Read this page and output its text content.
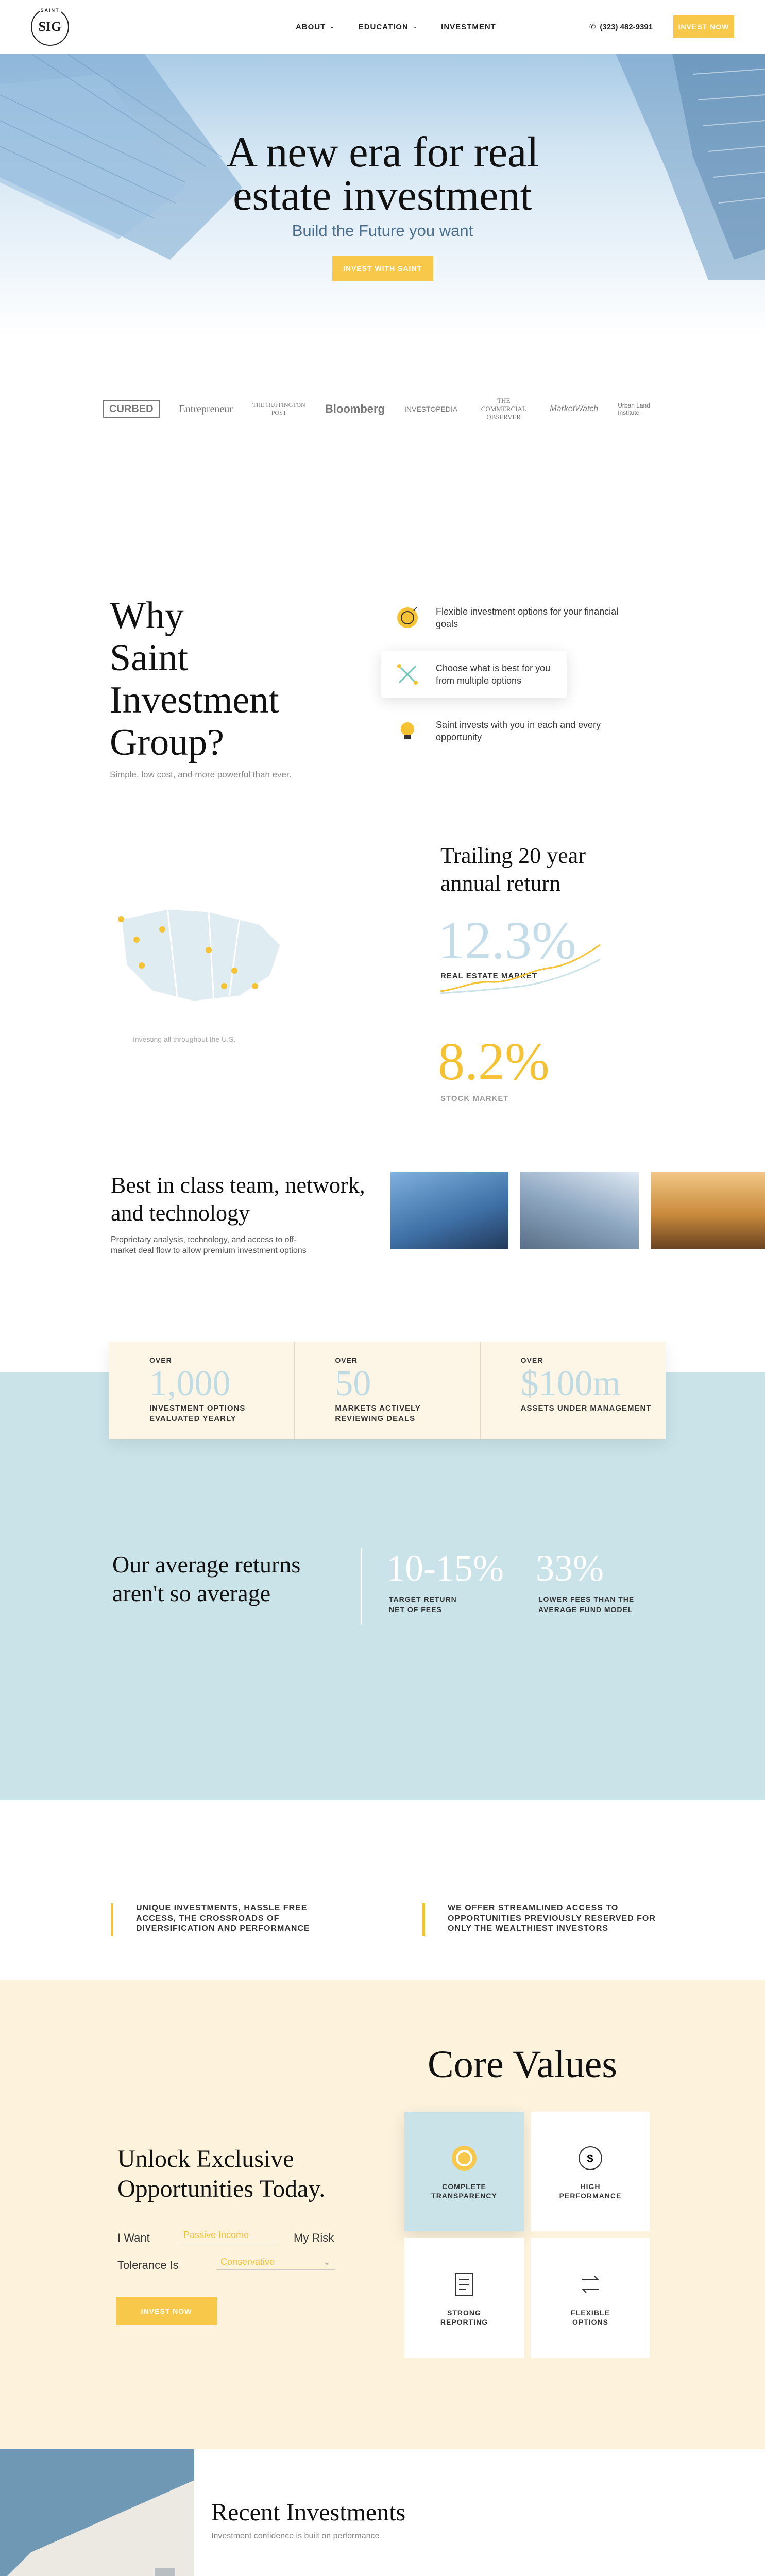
SIG
SAINT
ABOUT ⌄	EDUCATION ⌄	INVESTMENT	✆ (323) 482-9391	INVEST NOW
A new era for real
estate investment
Build the Future you want
INVEST WITH SAINT
CURBED	Entrepreneur	THE HUFFINGTON POST	Bloomberg	INVESTOPEDIA
THE COMMERCIAL OBSERVER
MarketWatch	Urban Land Institute
Why
Saint
Investment
Group?
Simple, low cost, and more powerful than ever.
Flexible investment options for your financial goals
Choose what is best for you from multiple options
Saint invests with you in each and every opportunity
Investing all throughout the U.S.
Trailing 20 year annual return
12.3%
REAL ESTATE MARKET
8.2%
STOCK MARKET
Best in class team, network, and technology

Proprietary analysis, technology, and access to off-market deal flow to allow premium investment options

Our average returns aren't so average
10-15%
TARGET RETURN NET OF FEES
33%
LOWER FEES THAN THE AVERAGE FUND MODEL
OVER
1,000
INVESTMENT OPTIONS EVALUATED YEARLY
OVER
50
MARKETS ACTIVELY REVIEWING DEALS
OVER
$100m
ASSETS UNDER MANAGEMENT
UNIQUE INVESTMENTS, HASSLE FREE ACCESS, THE CROSSROADS OF DIVERSIFICATION AND PERFORMANCE
WE OFFER STREAMLINED ACCESS TO OPPORTUNITIES PREVIOUSLY RESERVED FOR ONLY THE WEALTHIEST INVESTORS
Core Values
Unlock Exclusive Opportunities Today.
I Want	Passive Income	My Risk
Tolerance Is	Conservative	⌄
INVEST NOW
COMPLETE TRANSPARENCY
$
HIGH PERFORMANCE
STRONG REPORTING
FLEXIBLE OPTIONS
Recent Investments
Investment confidence is built on performance
